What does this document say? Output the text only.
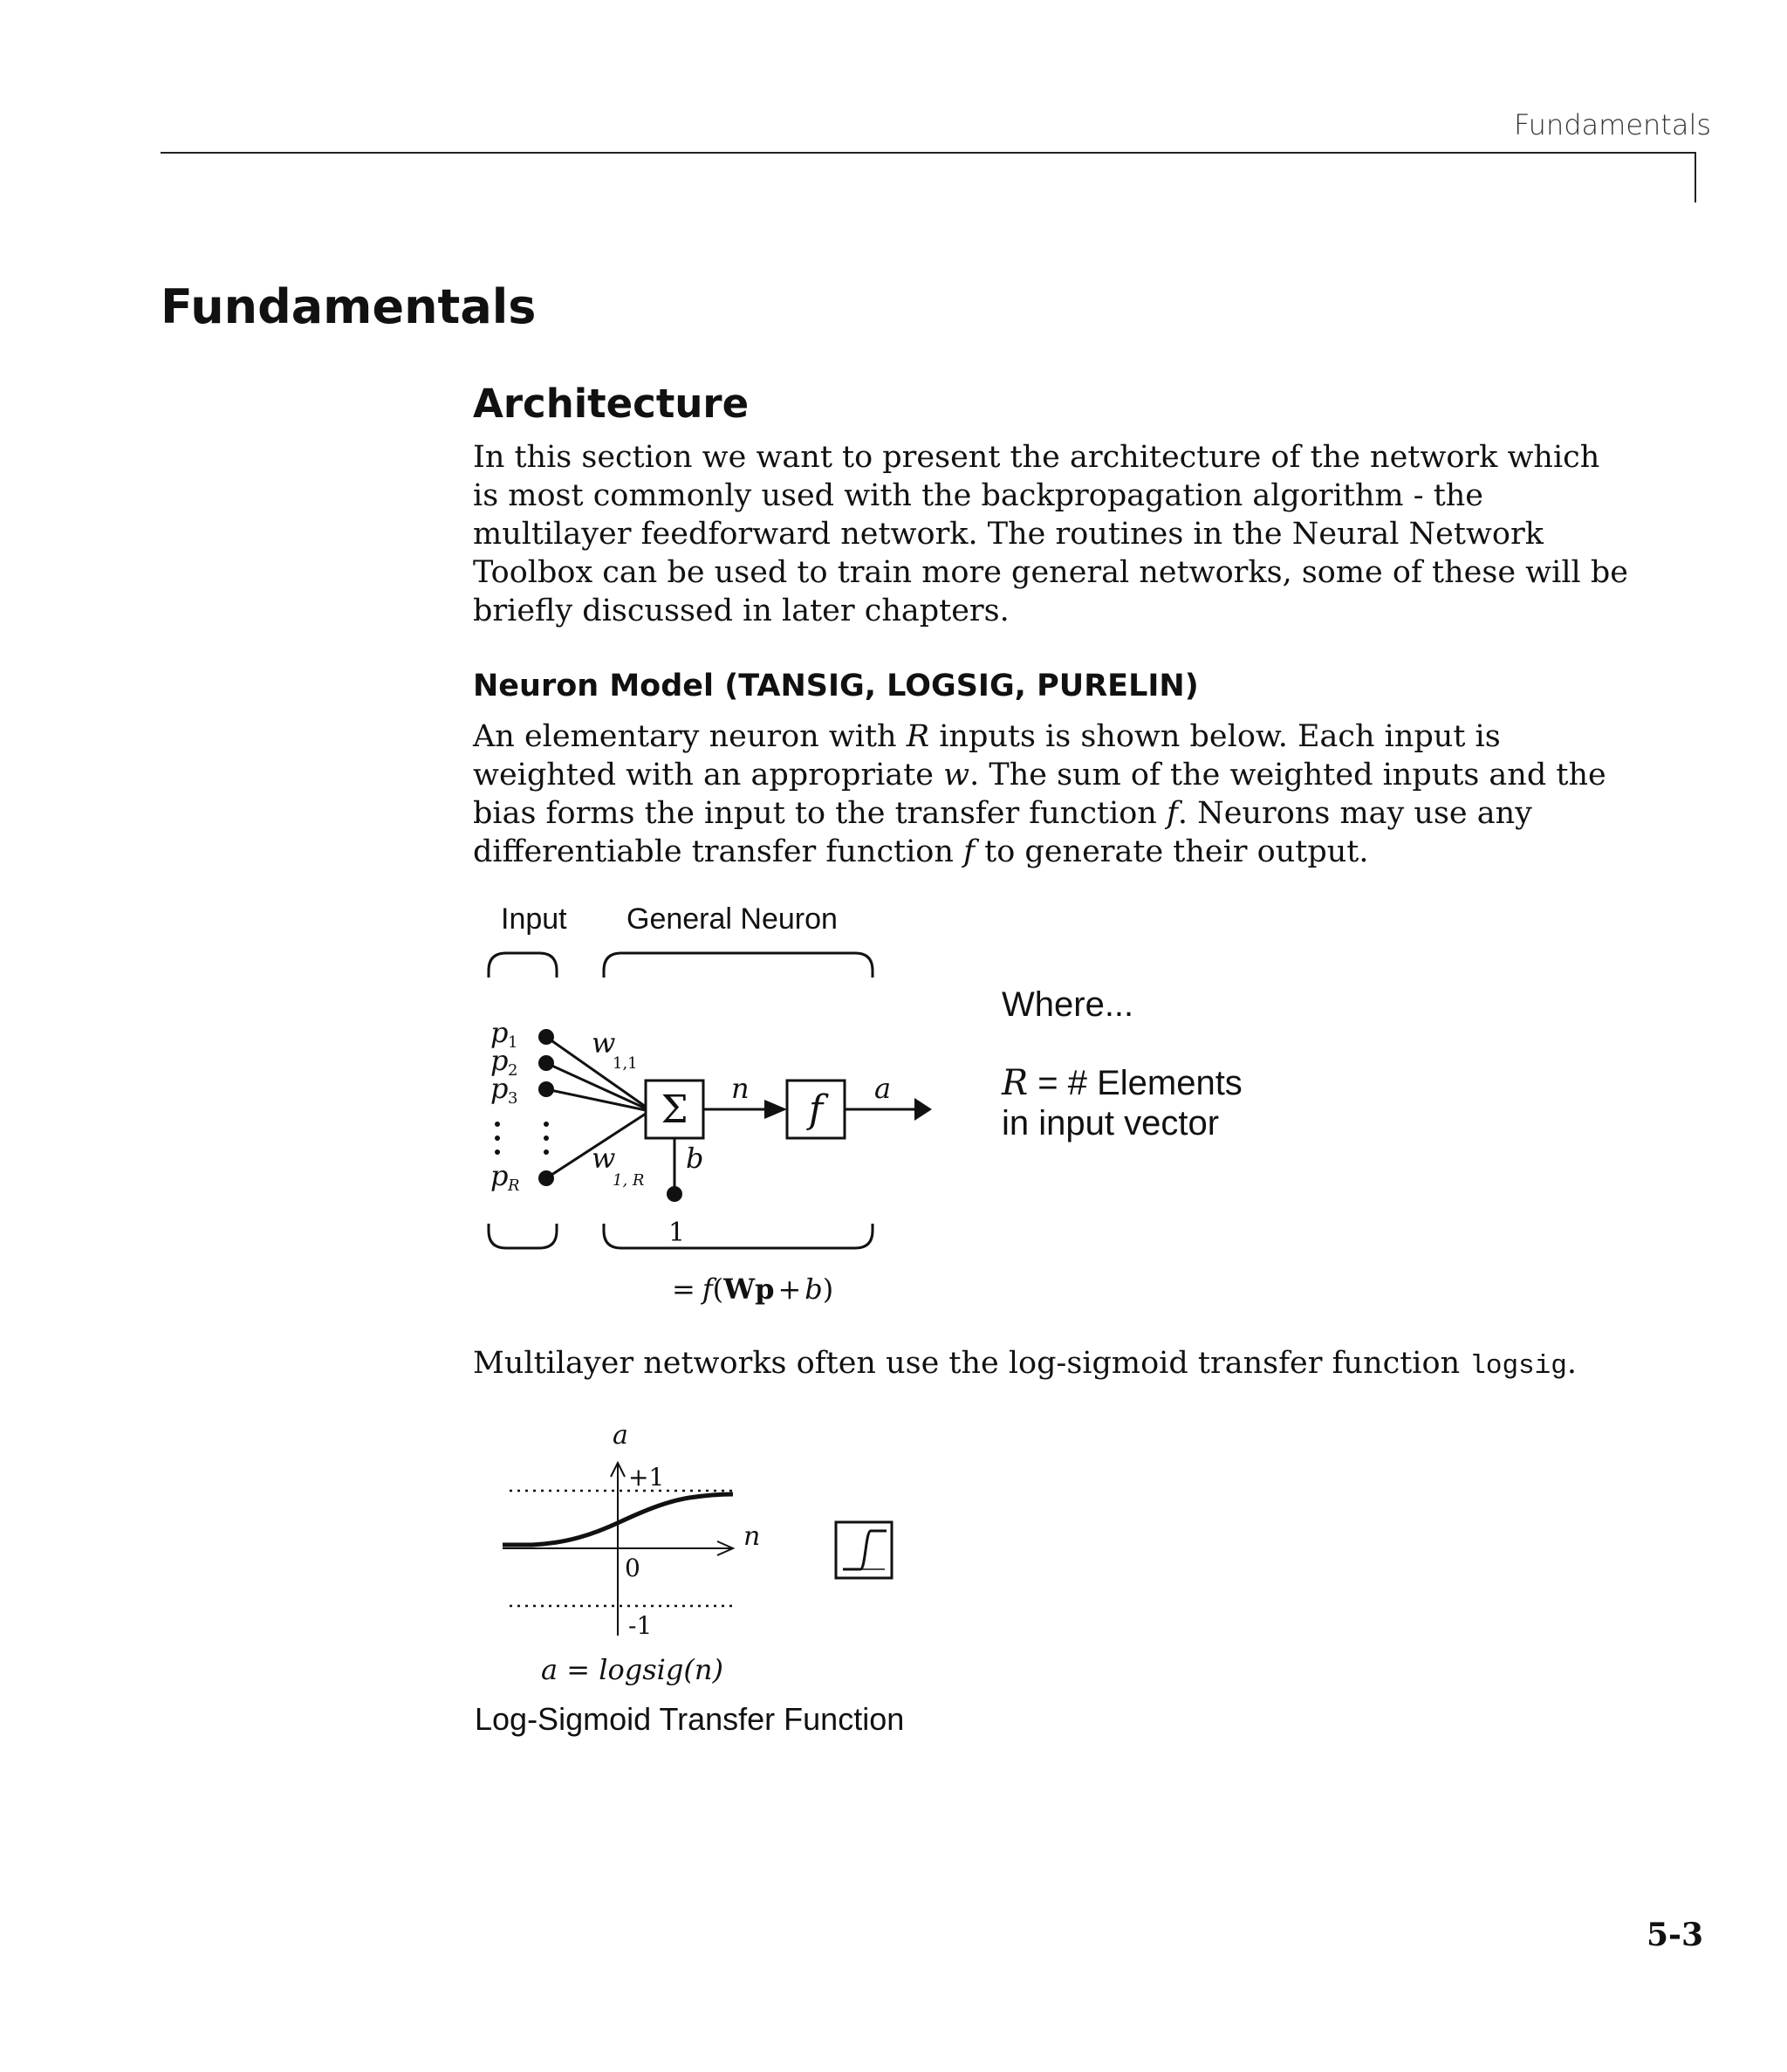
Fundamentals
Fundamentals
Architecture

In this section we want to present the architecture of the network which is most commonly used with the backpropagation algorithm - the multilayer feedforward network. The routines in the Neural Network Toolbox can be used to train more general networks, some of these will be briefly discussed in later chapters.

Neuron Model (TANSIG, LOGSIG, PURELIN)

An elementary neuron with R inputs is shown below. Each input is weighted with an appropriate w. The sum of the weighted inputs and the bias forms the input to the transfer function f. Neurons may use any differentiable transfer function f to generate their output.

Input General Neuron
p
p
p
p
1
2
3
R
w
1,1
w
1, R
Σ
b
1
n f a
Where...
R = # Elements
in input vector
= f(Wp + b)

Multilayer networks often use the log-sigmoid transfer function logsig.

a
n
+1
0
-1
a = logsig(n)
Log-Sigmoid Transfer Function
5-3
